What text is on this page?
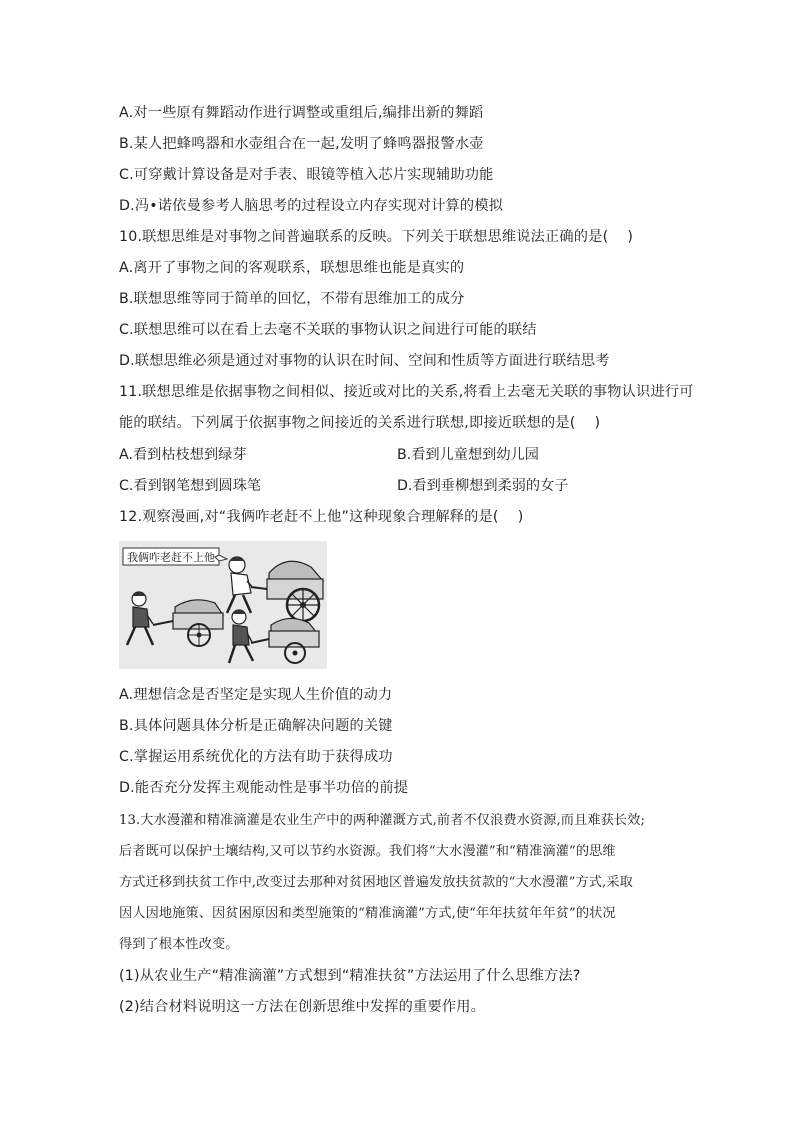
A.对一些原有舞蹈动作进行调整或重组后,编排出新的舞蹈
B.某人把蜂鸣器和水壶组合在一起,发明了蜂鸣器报警水壶
C.可穿戴计算设备是对手表、眼镜等植入芯片实现辅助功能
D.冯•诺依曼参考人脑思考的过程设立内存实现对计算的模拟
10.联想思维是对事物之间普遍联系的反映。下列关于联想思维说法正确的是(　 )
A.离开了事物之间的客观联系，联想思维也能是真实的
B.联想思维等同于简单的回忆，不带有思维加工的成分
C.联想思维可以在看上去毫不关联的事物认识之间进行可能的联结
D.联想思维必须是通过对事物的认识在时间、空间和性质等方面进行联结思考
11.联想思维是依据事物之间相似、接近或对比的关系,将看上去毫无关联的事物认识进行可
能的联结。下列属于依据事物之间接近的关系进行联想,即接近联想的是(　 )
A.看到枯枝想到绿芽	B.看到儿童想到幼儿园
C.看到钢笔想到圆珠笔	D.看到垂柳想到柔弱的女子
12.观察漫画,对“我俩咋老赶不上他”这种现象合理解释的是(　 )
我俩咋老赶不上他
A.理想信念是否坚定是实现人生价值的动力
B.具体问题具体分析是正确解决问题的关键
C.掌握运用系统优化的方法有助于获得成功
D.能否充分发挥主观能动性是事半功倍的前提
13.大水漫灌和精准滴灌是农业生产中的两种灌溉方式,前者不仅浪费水资源,而且难获长效;
后者既可以保护土壤结构,又可以节约水资源。我们将“大水漫灌”和“精准滴灌”的思维
方式迁移到扶贫工作中,改变过去那种对贫困地区普遍发放扶贫款的“大水漫灌”方式,采取
因人因地施策、因贫困原因和类型施策的“精准滴灌”方式,使“年年扶贫年年贫”的状况
得到了根本性改变。
(1)从农业生产“精准滴灌”方式想到“精准扶贫”方法运用了什么思维方法?
(2)结合材料说明这一方法在创新思维中发挥的重要作用。
